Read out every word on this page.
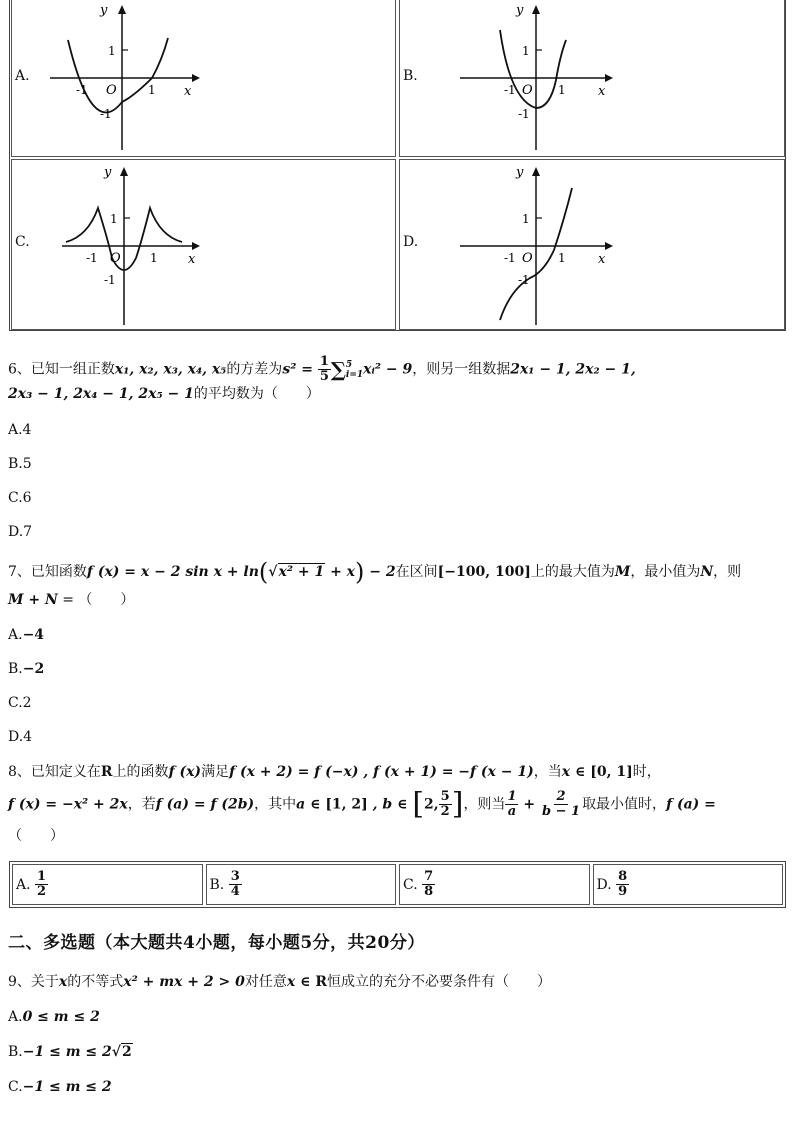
A.
y
x
1
-1 O	1
-1
B.
y
x
1
-1 O 1
-1
C.
y
x
1
-1 O 1
-1
D.
y
x
1
-1 O 1
-1
6、已知一组正数x₁, x₂, x₃, x₄, x₅的方差为$s^2 = \frac{1}{5}$ ∑ 5
i=1 xᵢ² − 9，则另一组数据2x₁ − 1, 2x₂ − 1,
2x₃ − 1, 2x₄ − 1, 2x₅ − 1的平均数为（　　）
A.4
B.5
C.6
D.7
7、已知函数f (x) = x − 2 sin x + ln(√x² + 1 + x) − 2在区间[−100, 100]上的最大值为M，最小值为N，则
M + N = （　　）
A.−4
B.−2
C.2
D.4
8、已知定义在R上的函数f (x)满足f (x + 2) = f (−x) , f (x + 1) = −f (x − 1)，当x ∈ [0, 1]时，
f (x) = −x² + 2x，若f (a) = f (2b)，其中a ∈ [1, 2] , b ∈ [2, $\frac{5}{2}$ ]，则当 $\frac{1}{a} + \frac{2}{b - 1}$ 取最小值时，f (a) =
（　　）
A.
$\frac{1}{2}$	B.
$\frac{3}{4}$	C.
$\frac{7}{8}$	D.
$\frac{8}{9}$
二、多选题（本大题共4小题，每小题5分，共20分）
9、关于x的不等式x² + mx + 2 > 0对任意x ∈ R恒成立的充分不必要条件有（　　）
A.0 ≤ m ≤ 2
B.−1 ≤ m ≤ 2√2
C.−1 ≤ m ≤ 2
